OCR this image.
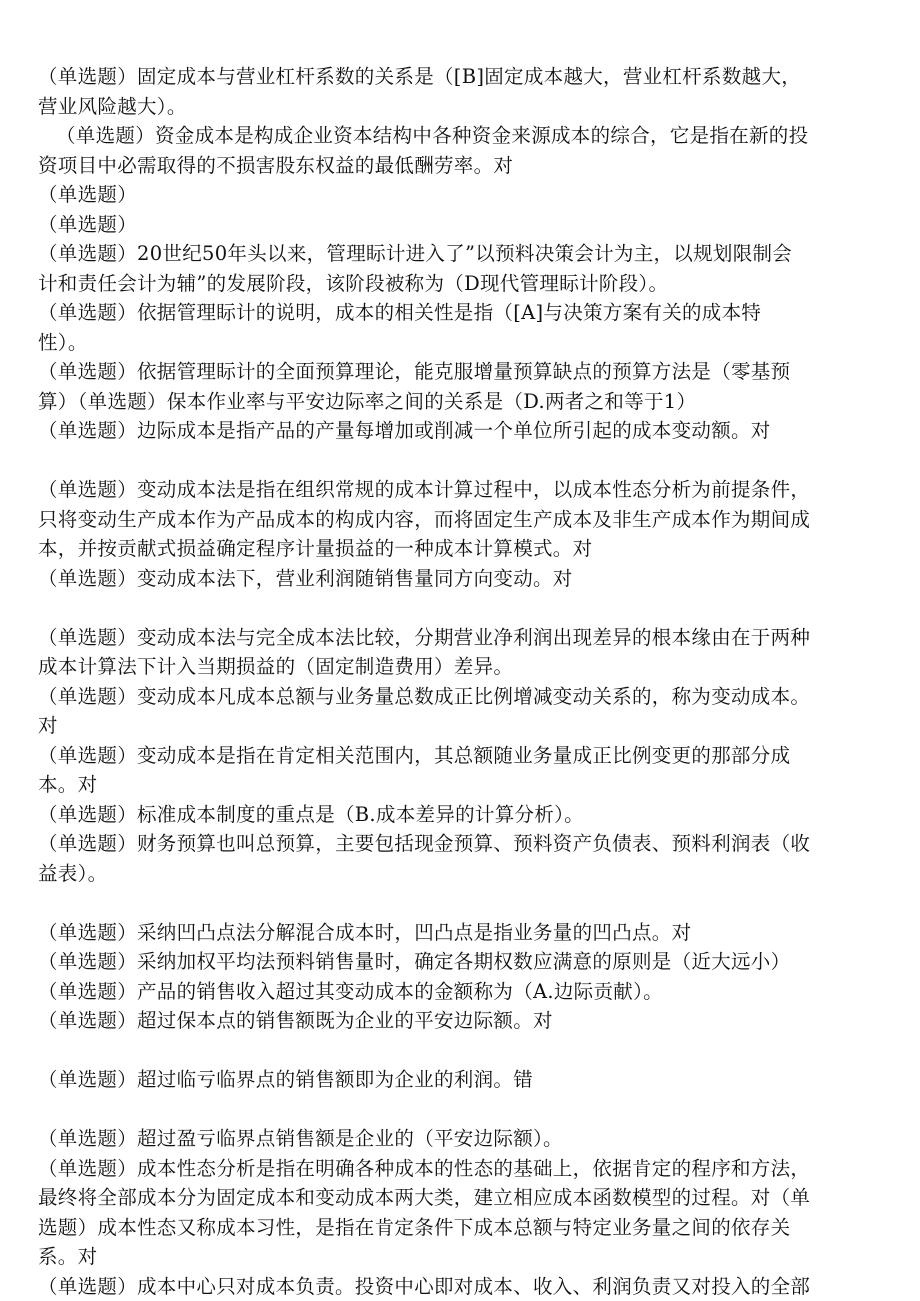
（单选题）固定成本与营业杠杆系数的关系是（[B]固定成本越大，营业杠杆系数越大，
营业风险越大）。
（单选题）资金成本是构成企业资本结构中各种资金来源成本的综合，它是指在新的投
资项目中必需取得的不损害股东权益的最低酬劳率。对
（单选题）
（单选题）
（单选题）20世纪50年头以来，管理眎计进入了”以预料决策会计为主，以规划限制会
计和责任会计为辅”的发展阶段，该阶段被称为（D现代管理眎计阶段）。
（单选题）依据管理眎计的说明，成本的相关性是指（[A]与决策方案有关的成本特
性）。
（单选题）依据管理眎计的全面预算理论，能克服增量预算缺点的预算方法是（零基预
算）（单选题）保本作业率与平安边际率之间的关系是（D.两者之和等于1）
（单选题）边际成本是指产品的产量每增加或削减一个单位所引起的成本变动额。对
（单选题）变动成本法是指在组织常规的成本计算过程中，以成本性态分析为前提条件，
只将变动生产成本作为产品成本的构成内容，而将固定生产成本及非生产成本作为期间成
本，并按贡献式损益确定程序计量损益的一种成本计算模式。对
（单选题）变动成本法下，营业利润随销售量同方向变动。对
（单选题）变动成本法与完全成本法比较，分期营业净利润出现差异的根本缘由在于两种
成本计算法下计入当期损益的（固定制造费用）差异。
（单选题）变动成本凡成本总额与业务量总数成正比例增减变动关系的，称为变动成本。
对
（单选题）变动成本是指在肯定相关范围内，其总额随业务量成正比例变更的那部分成
本。对
（单选题）标准成本制度的重点是（B.成本差异的计算分析）。
（单选题）财务预算也叫总预算，主要包括现金预算、预料资产负债表、预料利润表（收
益表）。
（单选题）采纳凹凸点法分解混合成本时，凹凸点是指业务量的凹凸点。对
（单选题）采纳加权平均法预料销售量时，确定各期权数应满意的原则是（近大远小）
（单选题）产品的销售收入超过其变动成本的金额称为（A.边际贡献）。
（单选题）超过保本点的销售额既为企业的平安边际额。对
（单选题）超过临亏临界点的销售额即为企业的利润。错
（单选题）超过盈亏临界点销售额是企业的（平安边际额）。
（单选题）成本性态分析是指在明确各种成本的性态的基础上，依据肯定的程序和方法，
最终将全部成本分为固定成本和变动成本两大类，建立相应成本函数模型的过程。对（单
选题）成本性态又称成本习性，是指在肯定条件下成本总额与特定业务量之间的依存关
系。对
（单选题）成本中心只对成本负责。投资中心即对成本、收入、利润负责又对投入的全部
